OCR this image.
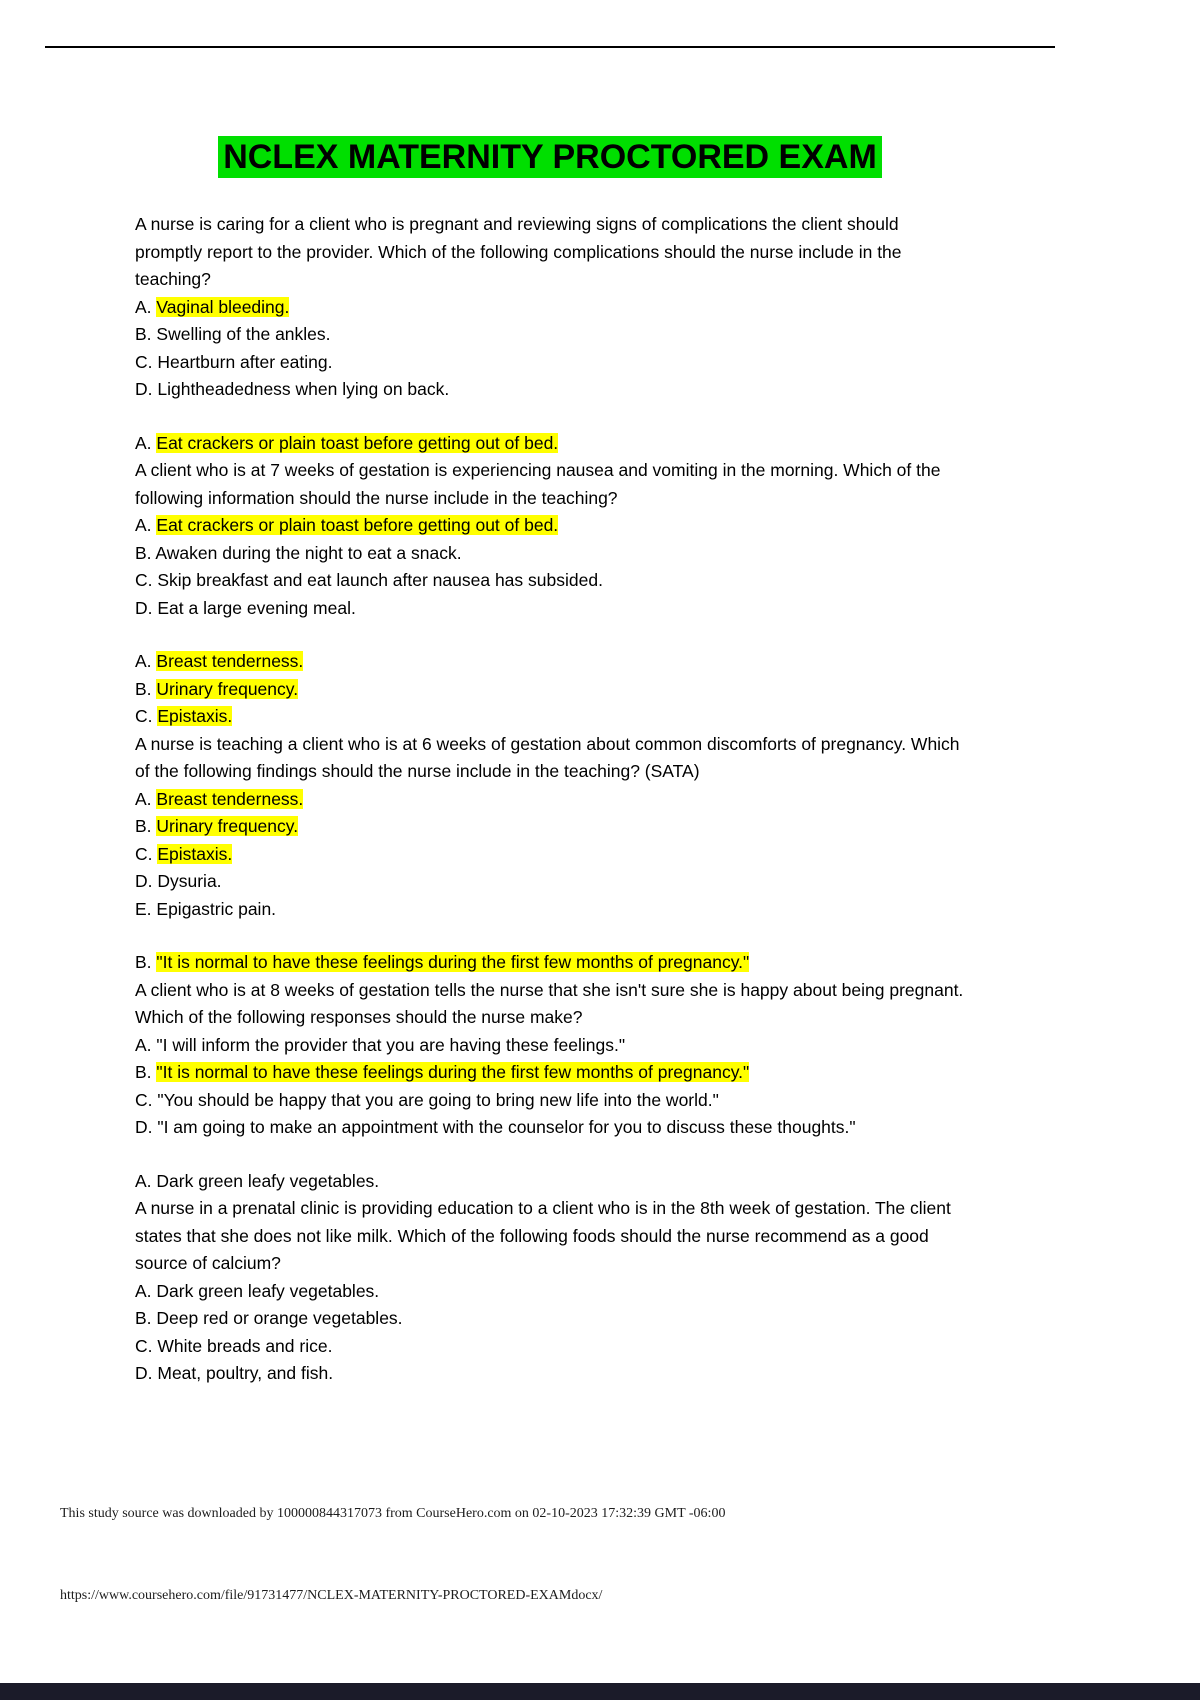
NCLEX MATERNITY PROCTORED EXAM
A nurse is caring for a client who is pregnant and reviewing signs of complications the client should promptly report to the provider. Which of the following complications should the nurse include in the teaching?
A. Vaginal bleeding.
B. Swelling of the ankles.
C. Heartburn after eating.
D. Lightheadedness when lying on back.
A. Eat crackers or plain toast before getting out of bed.
A client who is at 7 weeks of gestation is experiencing nausea and vomiting in the morning. Which of the following information should the nurse include in the teaching?
A. Eat crackers or plain toast before getting out of bed.
B. Awaken during the night to eat a snack.
C. Skip breakfast and eat launch after nausea has subsided.
D. Eat a large evening meal.
A. Breast tenderness.
B. Urinary frequency.
C. Epistaxis.
A nurse is teaching a client who is at 6 weeks of gestation about common discomforts of pregnancy. Which of the following findings should the nurse include in the teaching? (SATA)
A. Breast tenderness.
B. Urinary frequency.
C. Epistaxis.
D. Dysuria.
E. Epigastric pain.
B. "It is normal to have these feelings during the first few months of pregnancy."
A client who is at 8 weeks of gestation tells the nurse that she isn't sure she is happy about being pregnant. Which of the following responses should the nurse make?
A. "I will inform the provider that you are having these feelings."
B. "It is normal to have these feelings during the first few months of pregnancy."
C. "You should be happy that you are going to bring new life into the world."
D. "I am going to make an appointment with the counselor for you to discuss these thoughts."
A. Dark green leafy vegetables.
A nurse in a prenatal clinic is providing education to a client who is in the 8th week of gestation. The client states that she does not like milk. Which of the following foods should the nurse recommend as a good source of calcium?
A. Dark green leafy vegetables.
B. Deep red or orange vegetables.
C. White breads and rice.
D. Meat, poultry, and fish.
This study source was downloaded by 100000844317073 from CourseHero.com on 02-10-2023 17:32:39 GMT -06:00
https://www.coursehero.com/file/91731477/NCLEX-MATERNITY-PROCTORED-EXAMdocx/
